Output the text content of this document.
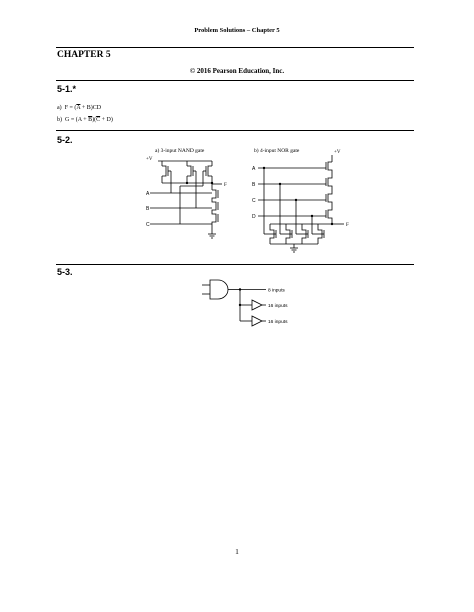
Problem Solutions – Chapter 5
CHAPTER 5
© 2016 Pearson Education, Inc.
5-1.*
a) $F = (\overline{A} + B)CD$
b) $G = (A + \overline{B})(\overline{C} + D)$
5-2.
a) 3-input NAND gate
+V
F
A
B
C
b) 4-input NOR gate	+V
F
A
B
C
D
5-3.
8 inputs
16 inputs
16 inputs
1
